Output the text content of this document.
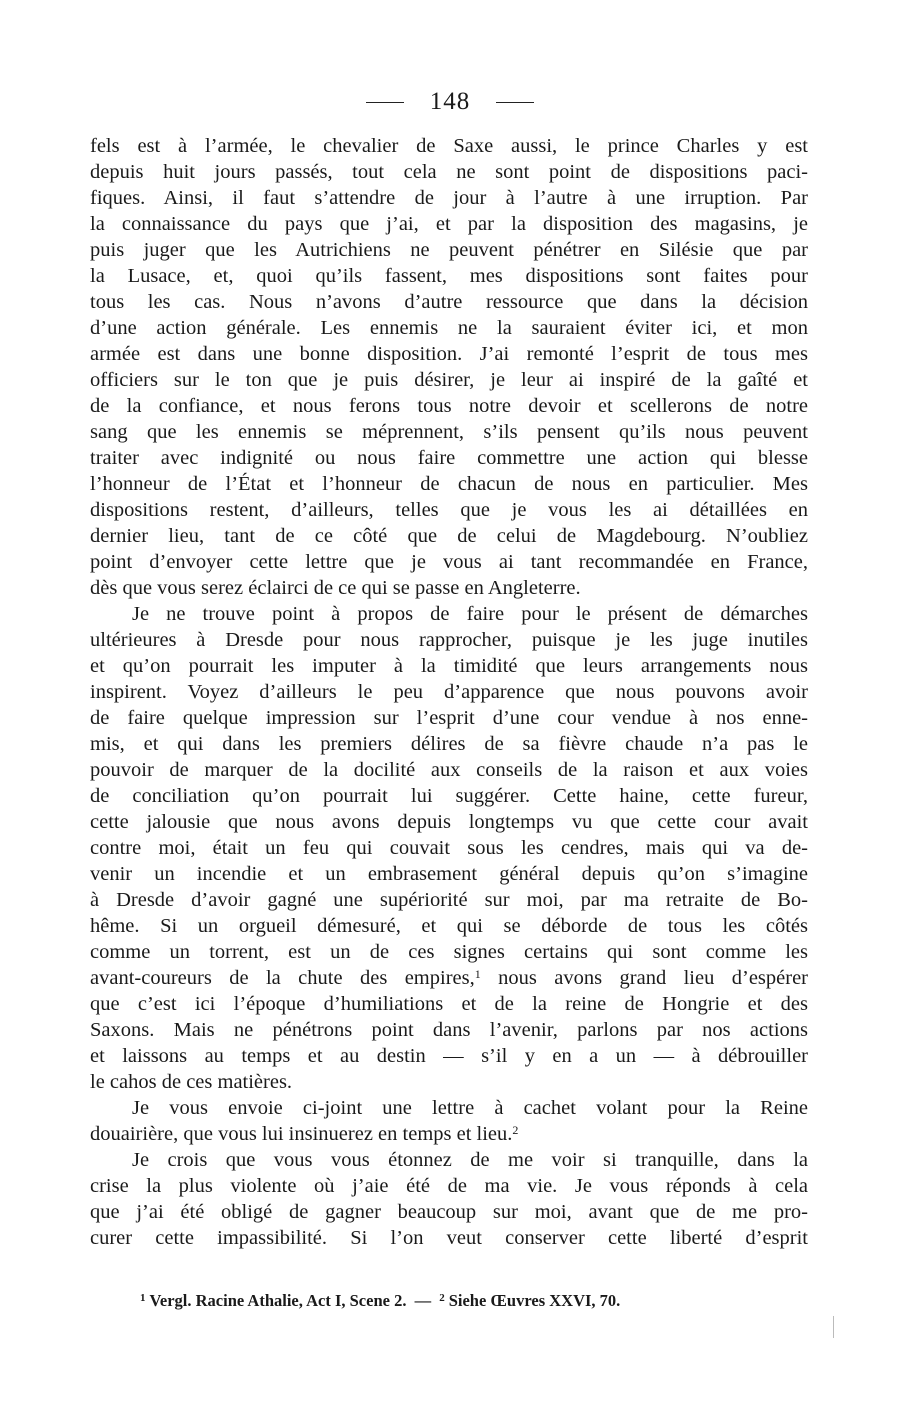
148
fels est à l’armée, le chevalier de Saxe aussi, le prince Charles y est
depuis huit jours passés, tout cela ne sont point de dispositions paci-
fiques. Ainsi, il faut s’attendre de jour à l’autre à une irruption. Par
la connaissance du pays que j’ai, et par la disposition des magasins, je
puis juger que les Autrichiens ne peuvent pénétrer en Silésie que par
la Lusace, et, quoi qu’ils fassent, mes dispositions sont faites pour
tous les cas. Nous n’avons d’autre ressource que dans la décision
d’une action générale. Les ennemis ne la sauraient éviter ici, et mon
armée est dans une bonne disposition. J’ai remonté l’esprit de tous mes
officiers sur le ton que je puis désirer, je leur ai inspiré de la gaîté et
de la confiance, et nous ferons tous notre devoir et scellerons de notre
sang que les ennemis se méprennent, s’ils pensent qu’ils nous peuvent
traiter avec indignité ou nous faire commettre une action qui blesse
l’honneur de l’État et l’honneur de chacun de nous en particulier. Mes
dispositions restent, d’ailleurs, telles que je vous les ai détaillées en
dernier lieu, tant de ce côté que de celui de Magdebourg. N’oubliez
point d’envoyer cette lettre que je vous ai tant recommandée en France,
dès que vous serez éclairci de ce qui se passe en Angleterre.
Je ne trouve point à propos de faire pour le présent de démarches
ultérieures à Dresde pour nous rapprocher, puisque je les juge inutiles
et qu’on pourrait les imputer à la timidité que leurs arrangements nous
inspirent. Voyez d’ailleurs le peu d’apparence que nous pouvons avoir
de faire quelque impression sur l’esprit d’une cour vendue à nos enne-
mis, et qui dans les premiers délires de sa fièvre chaude n’a pas le
pouvoir de marquer de la docilité aux conseils de la raison et aux voies
de conciliation qu’on pourrait lui suggérer. Cette haine, cette fureur,
cette jalousie que nous avons depuis longtemps vu que cette cour avait
contre moi, était un feu qui couvait sous les cendres, mais qui va de-
venir un incendie et un embrasement général depuis qu’on s’imagine
à Dresde d’avoir gagné une supériorité sur moi, par ma retraite de Bo-
hême. Si un orgueil démesuré, et qui se déborde de tous les côtés
comme un torrent, est un de ces signes certains qui sont comme les
avant-coureurs de la chute des empires,$^1$ nous avons grand lieu d’espérer
que c’est ici l’époque d’humiliations et de la reine de Hongrie et des
Saxons. Mais ne pénétrons point dans l’avenir, parlons par nos actions
et laissons au temps et au destin — s’il y en a un — à débrouiller
le cahos de ces matières.
Je vous envoie ci-joint une lettre à cachet volant pour la Reine
douairière, que vous lui insinuerez en temps et lieu.$^2$
Je crois que vous vous étonnez de me voir si tranquille, dans la
crise la plus violente où j’aie été de ma vie. Je vous réponds à cela
que j’ai été obligé de gagner beaucoup sur moi, avant que de me pro-
curer cette impassibilité. Si l’on veut conserver cette liberté d’esprit
$^1$ Vergl. Racine Athalie, Act I, Scene 2. — $^2$ Siehe Œuvres XXVI, 70.
